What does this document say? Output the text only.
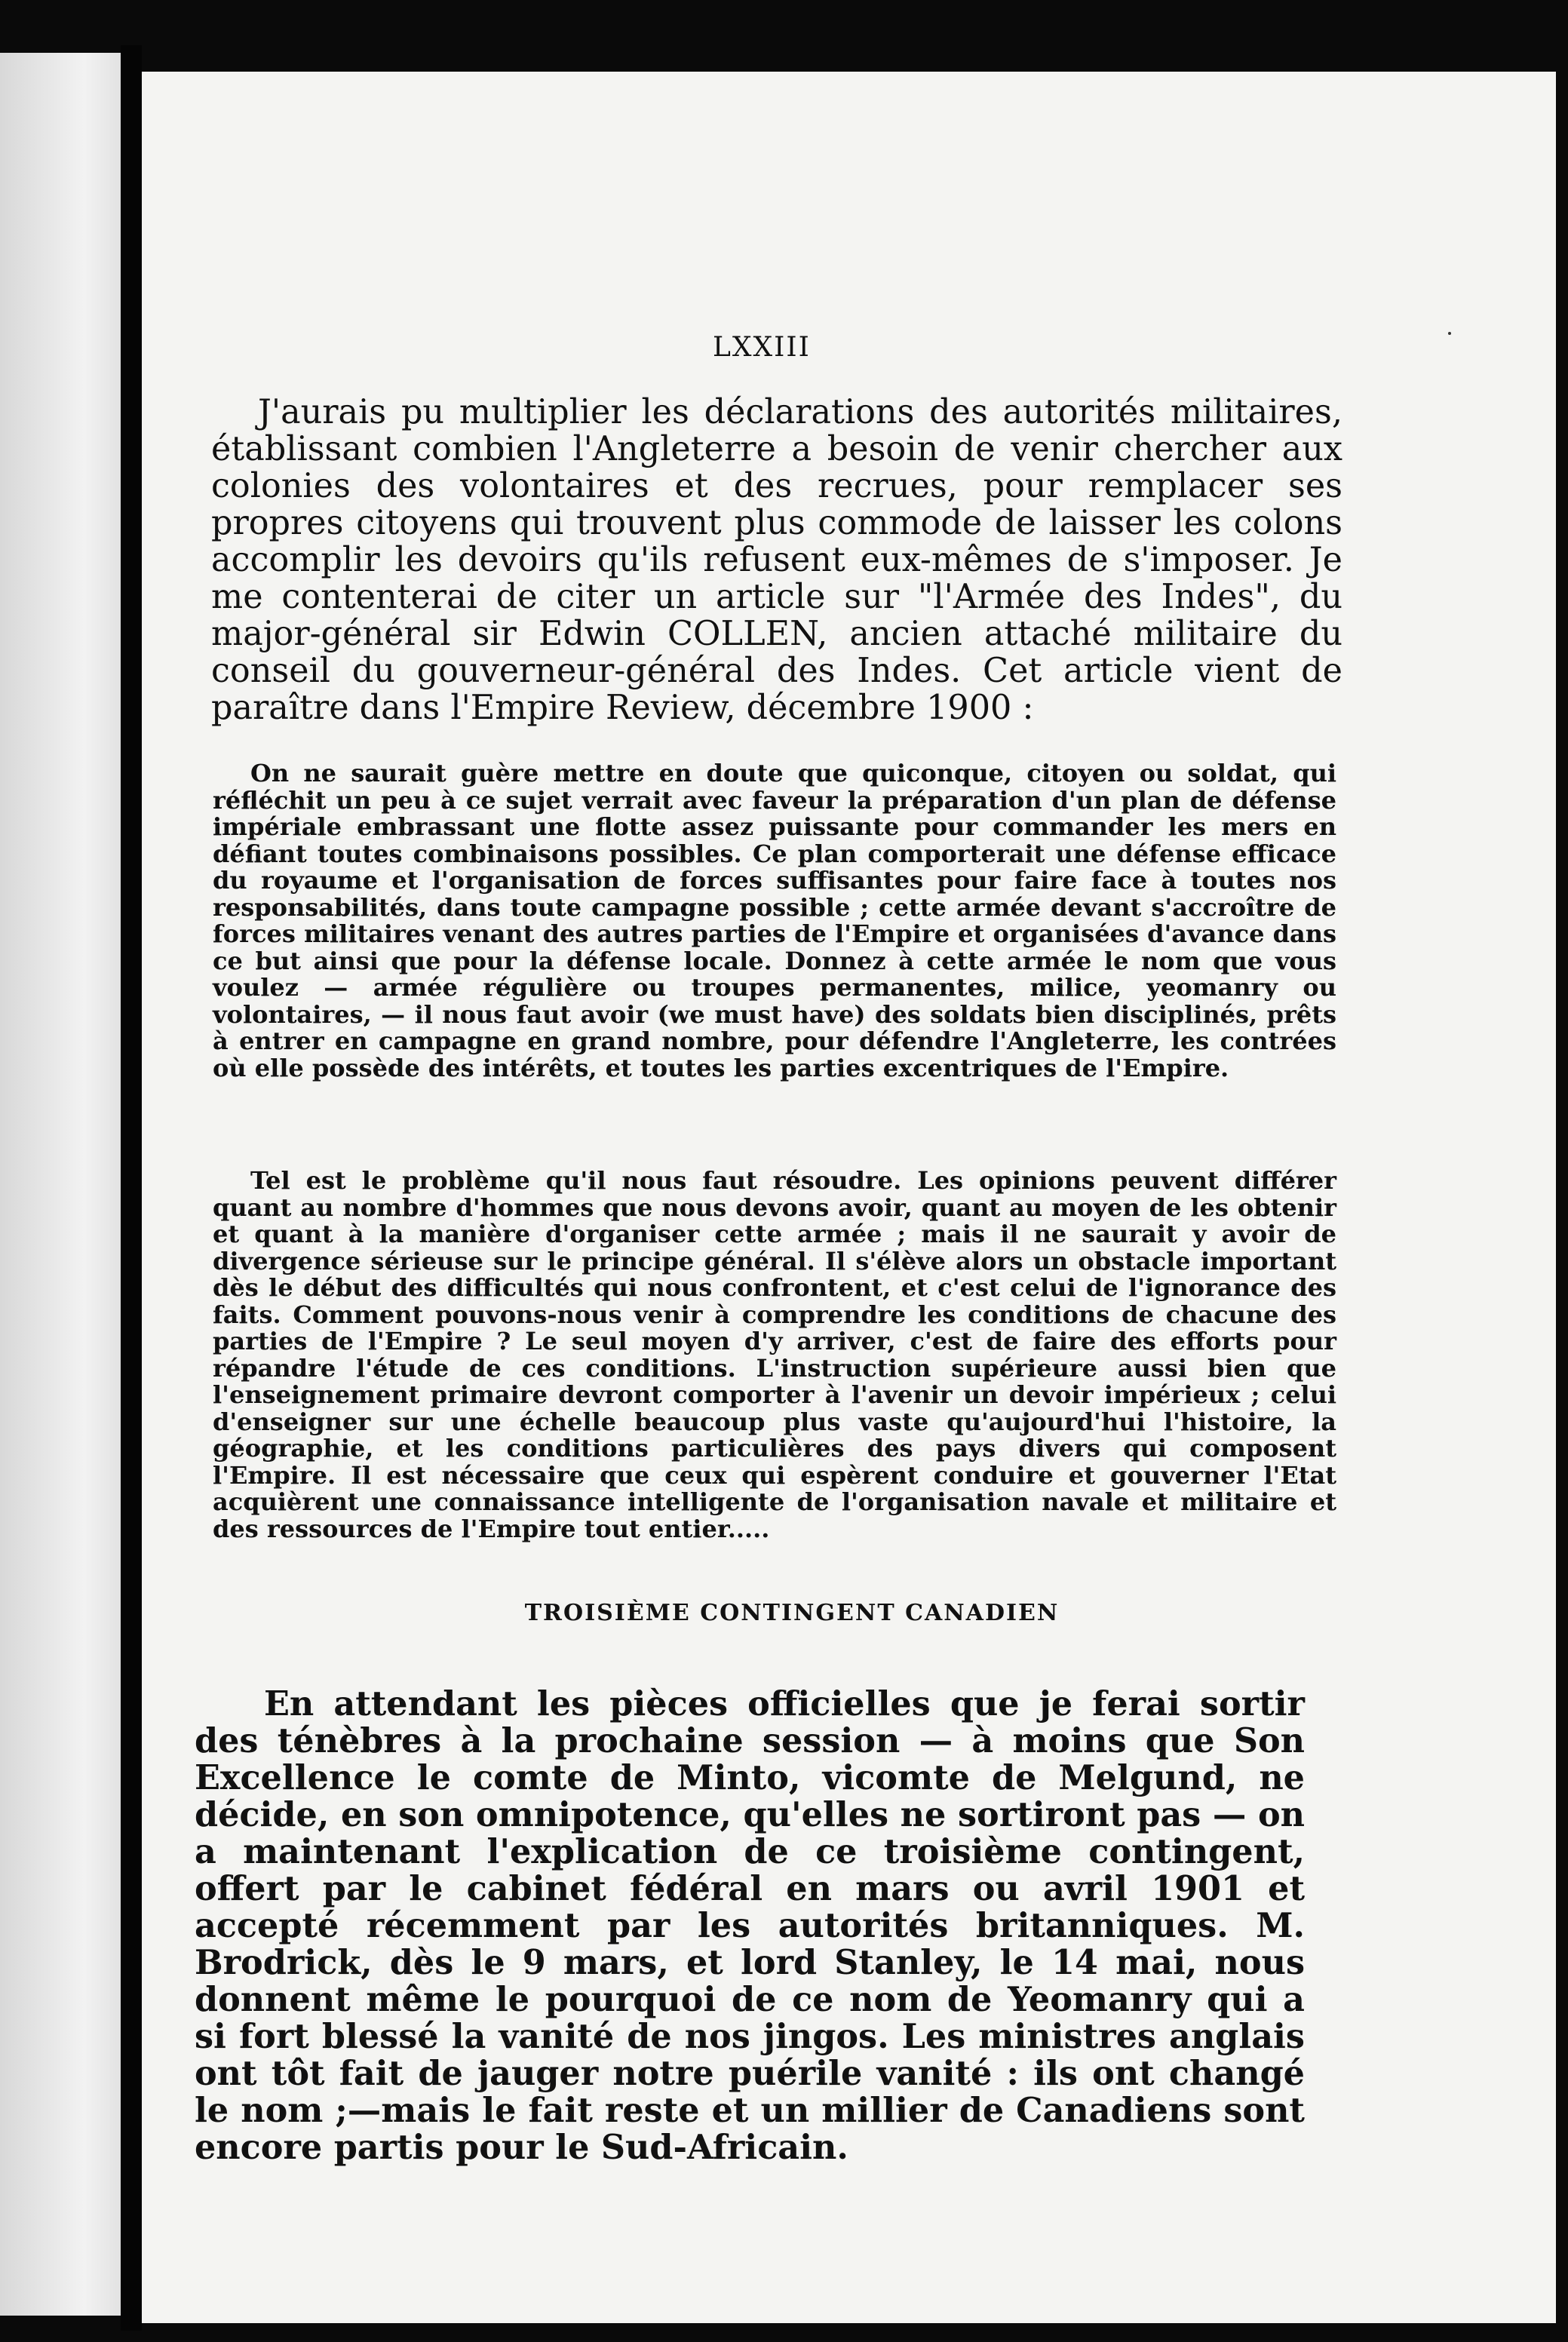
LXXIII

J'aurais pu multiplier les déclarations des autorités militaires, établissant combien l'Angleterre a besoin de venir chercher aux colonies des volontaires et des recrues, pour remplacer ses propres citoyens qui trouvent plus commode de laisser les colons accomplir les devoirs qu'ils refusent eux-mêmes de s'imposer. Je me contenterai de citer un article sur "l'Armée des Indes", du major-général sir Edwin COLLEN, ancien attaché militaire du conseil du gouverneur-général des Indes. Cet article vient de paraître dans l'Empire Review, décembre 1900 :

On ne saurait guère mettre en doute que quiconque, citoyen ou soldat, qui réfléchit un peu à ce sujet verrait avec faveur la préparation d'un plan de défense impériale embrassant une flotte assez puissante pour commander les mers en défiant toutes combinaisons possibles. Ce plan comporterait une défense efficace du royaume et l'organisation de forces suffisantes pour faire face à toutes nos responsabilités, dans toute campagne possible ; cette armée devant s'accroître de forces militaires venant des autres parties de l'Empire et organisées d'avance dans ce but ainsi que pour la défense locale. Donnez à cette armée le nom que vous voulez — armée régulière ou troupes permanentes, milice, yeomanry ou volontaires, — il nous faut avoir (we must have) des soldats bien disciplinés, prêts à entrer en campagne en grand nombre, pour défendre l'Angleterre, les contrées où elle possède des intérêts, et toutes les parties excentriques de l'Empire.

Tel est le problème qu'il nous faut résoudre. Les opinions peuvent différer quant au nombre d'hommes que nous devons avoir, quant au moyen de les obtenir et quant à la manière d'organiser cette armée ; mais il ne saurait y avoir de divergence sérieuse sur le principe général. Il s'élève alors un obstacle important dès le début des difficultés qui nous confrontent, et c'est celui de l'ignorance des faits. Comment pouvons-nous venir à comprendre les conditions de chacune des parties de l'Empire ? Le seul moyen d'y arriver, c'est de faire des efforts pour répandre l'étude de ces conditions. L'instruction supérieure aussi bien que l'enseignement primaire devront comporter à l'avenir un devoir impérieux ; celui d'enseigner sur une échelle beaucoup plus vaste qu'aujourd'hui l'histoire, la géographie, et les conditions particulières des pays divers qui composent l'Empire. Il est nécessaire que ceux qui espèrent conduire et gouverner l'Etat acquièrent une connaissance intelligente de l'organisation navale et militaire et des ressources de l'Empire tout entier.....

TROISIÈME CONTINGENT CANADIEN

En attendant les pièces officielles que je ferai sortir des ténèbres à la prochaine session — à moins que Son Excellence le comte de Minto, vicomte de Melgund, ne décide, en son omnipotence, qu'elles ne sortiront pas — on a maintenant l'explication de ce troisième contingent, offert par le cabinet fédéral en mars ou avril 1901 et accepté récemment par les autorités britanniques. M. Brodrick, dès le 9 mars, et lord Stanley, le 14 mai, nous donnent même le pourquoi de ce nom de Yeomanry qui a si fort blessé la vanité de nos jingos. Les ministres anglais ont tôt fait de jauger notre puérile vanité : ils ont changé le nom ;—mais le fait reste et un millier de Canadiens sont encore partis pour le Sud-Africain.
